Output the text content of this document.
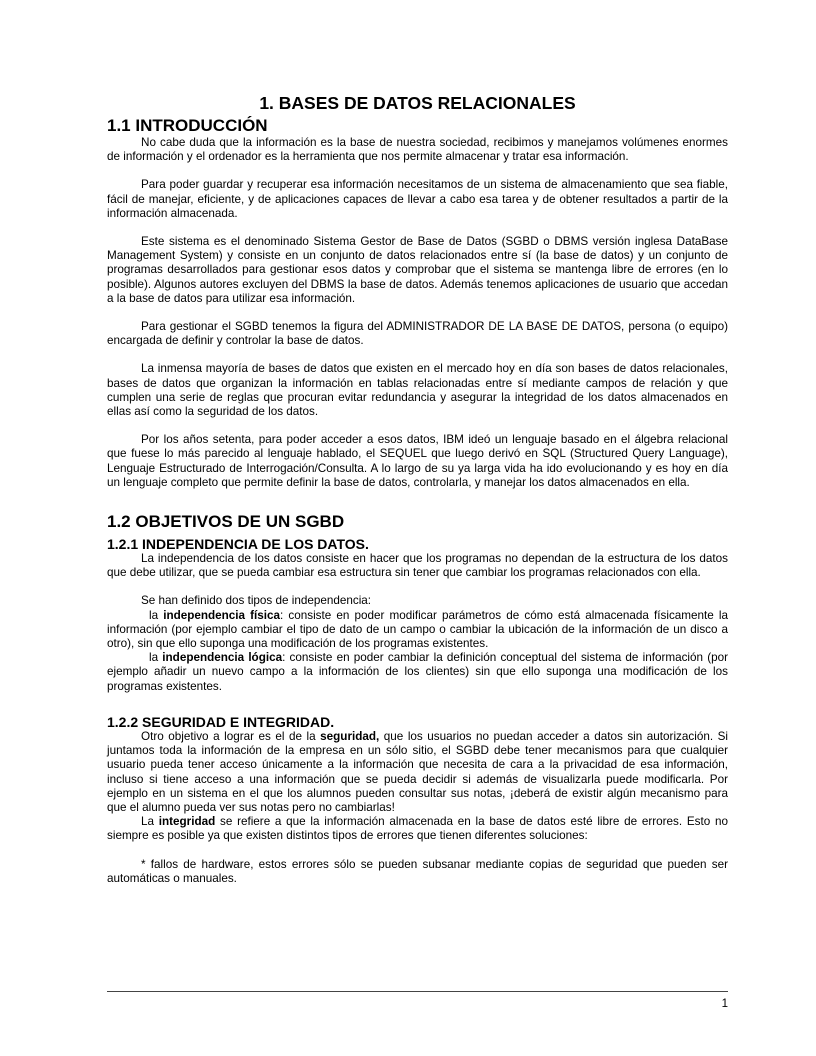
1. BASES DE DATOS RELACIONALES
1.1 INTRODUCCIÓN

No cabe duda que la información es la base de nuestra sociedad, recibimos y manejamos volúmenes enormes de información y el ordenador es la herramienta que nos permite almacenar y tratar esa información.

Para poder guardar y recuperar esa información necesitamos de un sistema de almacenamiento que sea fiable, fácil de manejar, eficiente, y de aplicaciones capaces de llevar a cabo esa tarea y de obtener resultados a partir de la información almacenada.

Este sistema es el denominado Sistema Gestor de Base de Datos (SGBD o DBMS versión inglesa DataBase Management System) y consiste en un conjunto de datos relacionados entre sí (la base de datos) y un conjunto de programas desarrollados para gestionar esos datos y comprobar que el sistema se mantenga libre de errores (en lo posible). Algunos autores excluyen del DBMS la base de datos. Además tenemos aplicaciones de usuario que accedan a la base de datos para utilizar esa información.

Para gestionar el SGBD tenemos la figura del ADMINISTRADOR DE LA BASE DE DATOS, persona (o equipo) encargada de definir y controlar la base de datos.

La inmensa mayoría de bases de datos que existen en el mercado hoy en día son bases de datos relacionales, bases de datos que organizan la información en tablas relacionadas entre sí mediante campos de relación y que cumplen una serie de reglas que procuran evitar redundancia y asegurar la integridad de los datos almacenados en ellas así como la seguridad de los datos.

Por los años setenta, para poder acceder a esos datos, IBM ideó un lenguaje basado en el álgebra relacional que fuese lo más parecido al lenguaje hablado, el SEQUEL que luego derivó en SQL (Structured Query Language), Lenguaje Estructurado de Interrogación/Consulta. A lo largo de su ya larga vida ha ido evolucionando y es hoy en día un lenguaje completo que permite definir la base de datos, controlarla, y manejar los datos almacenados en ella.

1.2 OBJETIVOS DE UN SGBD
1.2.1 INDEPENDENCIA DE LOS DATOS.

La independencia de los datos consiste en hacer que los programas no dependan de la estructura de los datos que debe utilizar, que se pueda cambiar esa estructura sin tener que cambiar los programas relacionados con ella.

Se han definido dos tipos de independencia:

la independencia física: consiste en poder modificar parámetros de cómo está almacenada físicamente la información (por ejemplo cambiar el tipo de dato de un campo o cambiar la ubicación de la información de un disco a otro), sin que ello suponga una modificación de los programas existentes.

la independencia lógica: consiste en poder cambiar la definición conceptual del sistema de información (por ejemplo añadir un nuevo campo a la información de los clientes) sin que ello suponga una modificación de los programas existentes.

1.2.2 SEGURIDAD E INTEGRIDAD.

Otro objetivo a lograr es el de la seguridad, que los usuarios no puedan acceder a datos sin autorización. Si juntamos toda la información de la empresa en un sólo sitio, el SGBD debe tener mecanismos para que cualquier usuario pueda tener acceso únicamente a la información que necesita de cara a la privacidad de esa información, incluso si tiene acceso a una información que se pueda decidir si además de visualizarla puede modificarla. Por ejemplo en un sistema en el que los alumnos pueden consultar sus notas, ¡deberá de existir algún mecanismo para que el alumno pueda ver sus notas pero no cambiarlas!

La integridad se refiere a que la información almacenada en la base de datos esté libre de errores. Esto no siempre es posible ya que existen distintos tipos de errores que tienen diferentes soluciones:

* fallos de hardware, estos errores sólo se pueden subsanar mediante copias de seguridad que pueden ser automáticas o manuales.

1
